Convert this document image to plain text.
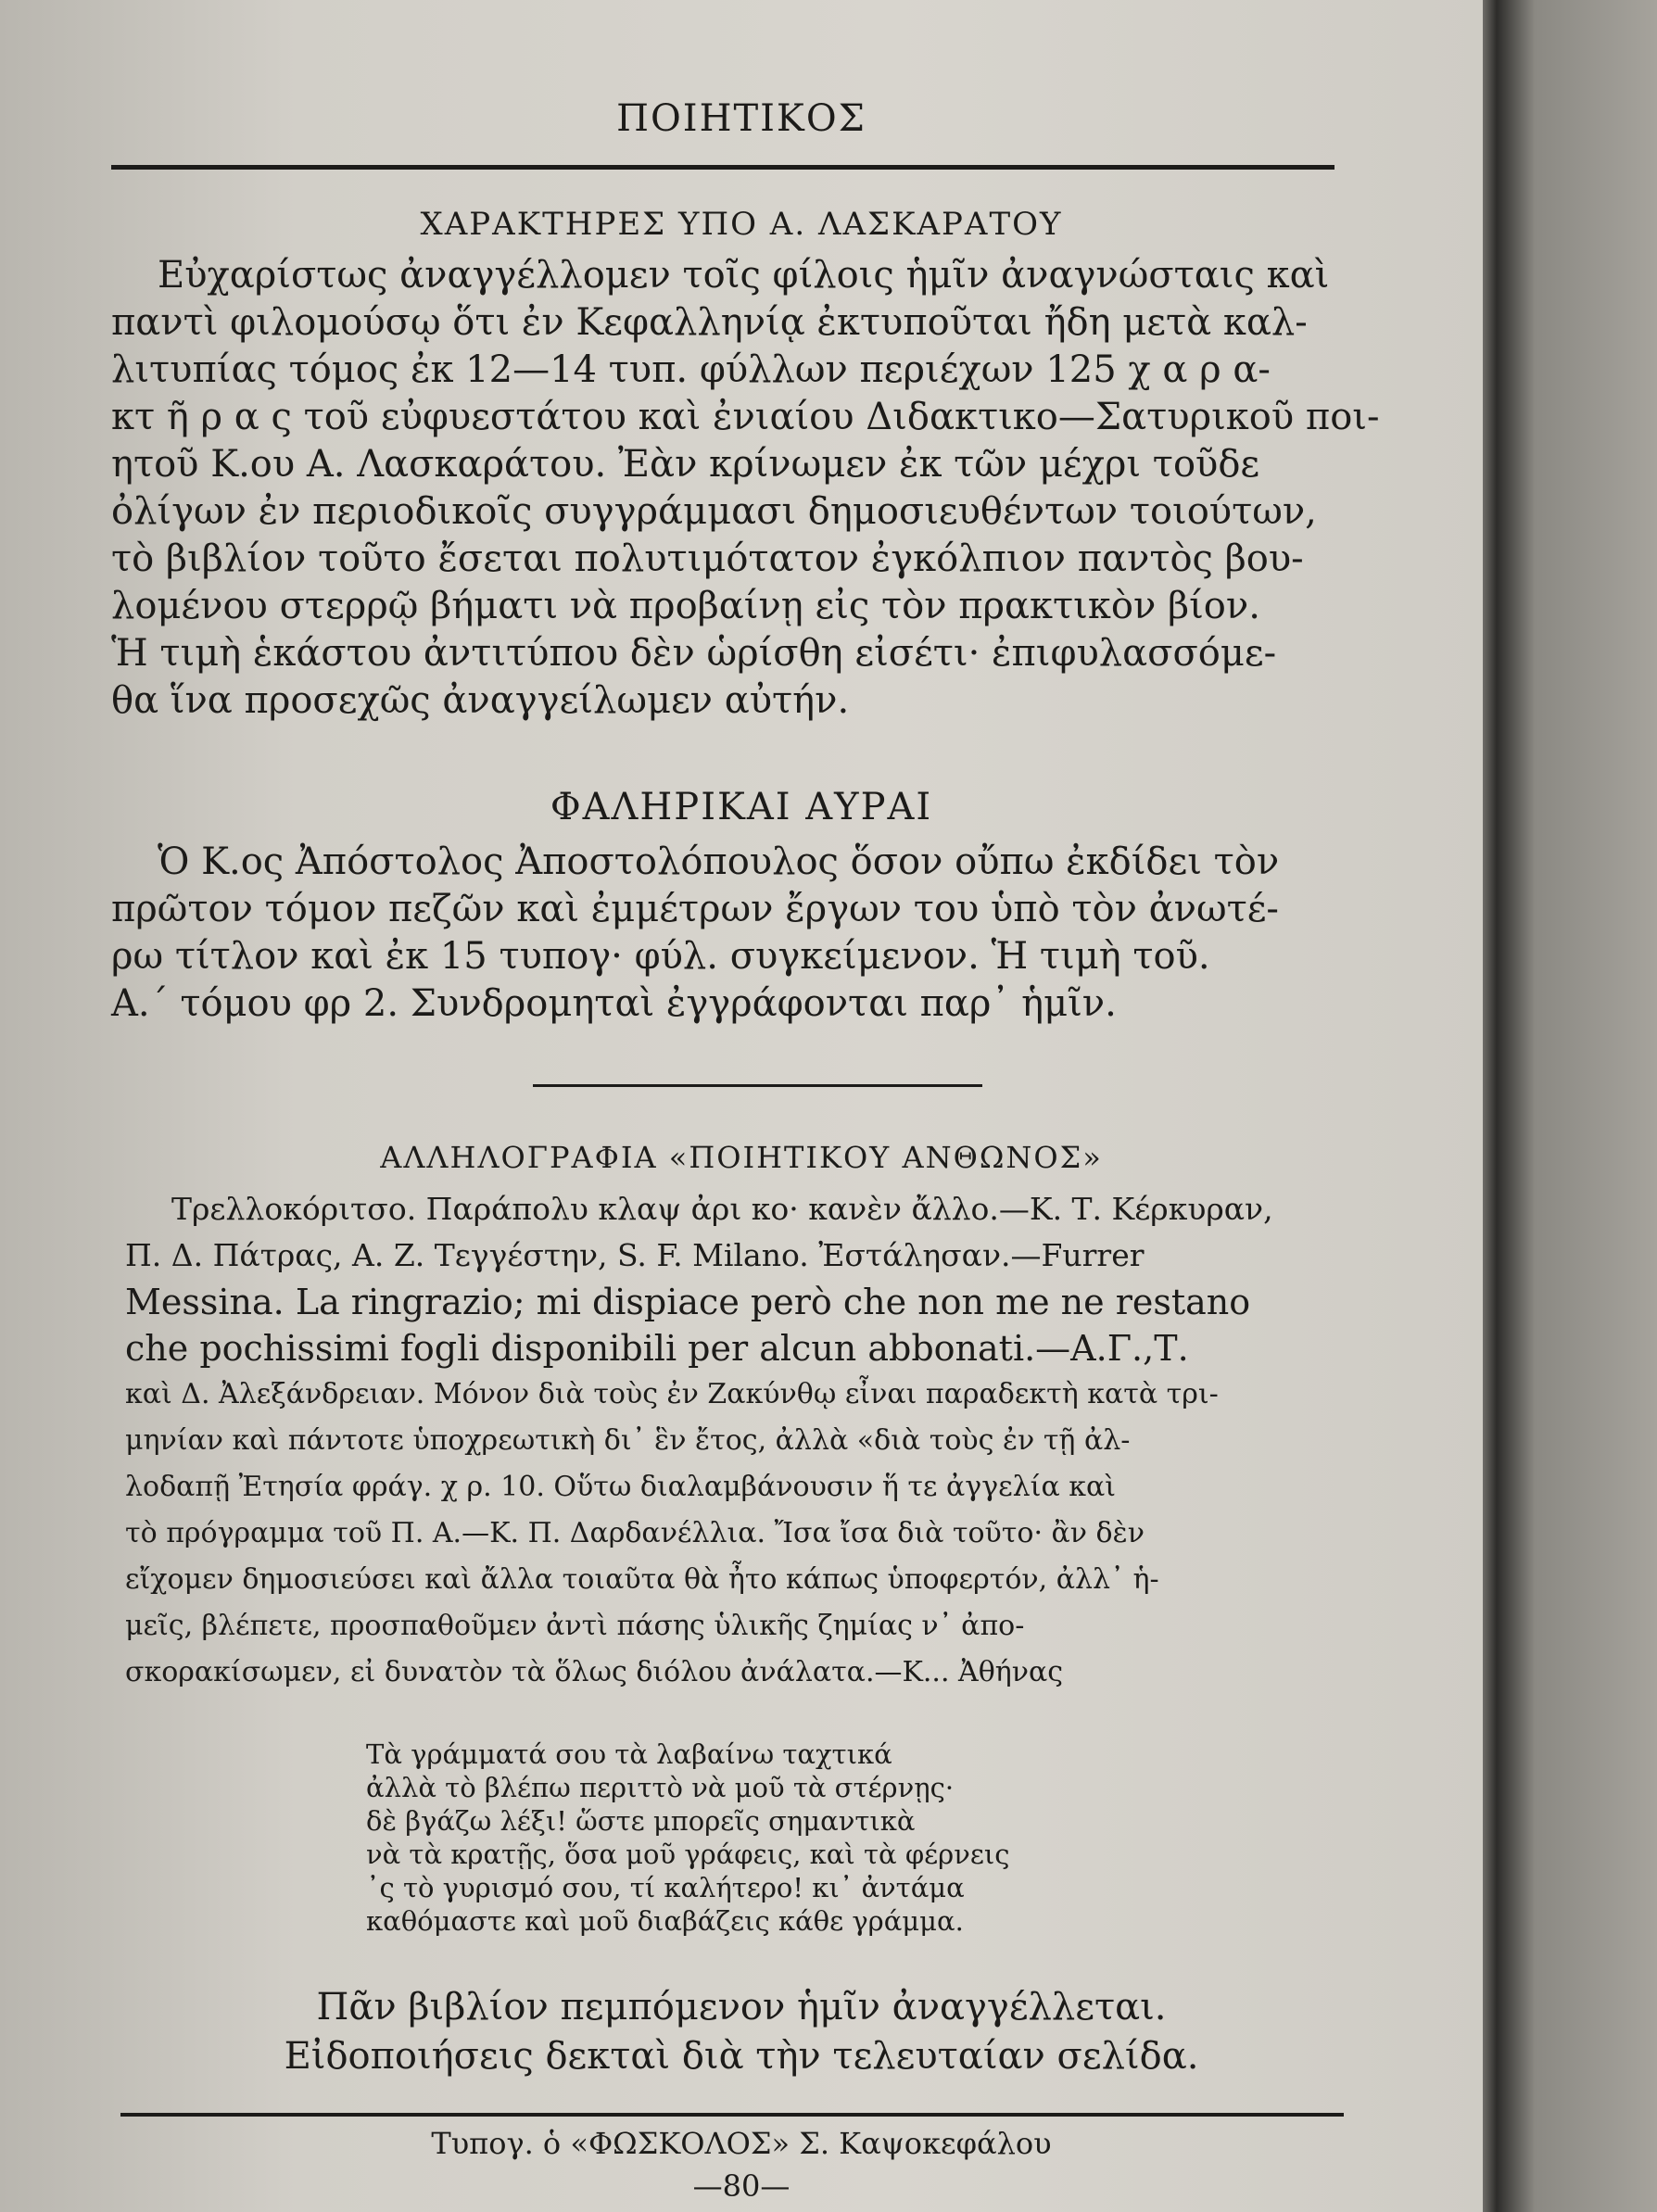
ΠΟΙΗΤΙΚΟΣ
ΧΑΡΑΚΤΗΡΕΣ ΥΠΟ Α. ΛΑΣΚΑΡΑΤΟΥ
Εὐχαρίστως ἀναγγέλλομεν τοῖς φίλοις ἡμῖν ἀναγνώσταις καὶ
παντὶ φιλομούσῳ ὅτι ἐν Κεφαλληνίᾳ ἐκτυποῦται ἤδη μετὰ καλ-
λιτυπίας τόμος ἐκ 12—14 τυπ. φύλλων περιέχων 125 χ α ρ α-
κτ ῆ ρ α ς τοῦ εὐφυεστάτου καὶ ἐνιαίου Διδακτικο—Σατυρικοῦ ποι-
ητοῦ Κ.ου Α. Λασκαράτου. Ἐὰν κρίνωμεν ἐκ τῶν μέχρι τοῦδε
ὀλίγων ἐν περιοδικοῖς συγγράμμασι δημοσιευθέντων τοιούτων,
τὸ βιβλίον τοῦτο ἔσεται πολυτιμότατον ἐγκόλπιον παντὸς βου-
λομένου στερρῷ βήματι νὰ προβαίνῃ εἰς τὸν πρακτικὸν βίον.
Ἡ τιμὴ ἑκάστου ἀντιτύπου δὲν ὡρίσθη εἰσέτι· ἐπιφυλασσόμε-
θα ἵνα προσεχῶς ἀναγγείλωμεν αὐτήν.
ΦΑΛΗΡΙΚΑΙ ΑΥΡΑΙ
Ὁ Κ.ος Ἀπόστολος Ἀποστολόπουλος ὅσον οὔπω ἐκδίδει τὸν
πρῶτον τόμον πεζῶν καὶ ἐμμέτρων ἔργων του ὑπὸ τὸν ἀνωτέ-
ρω τίτλον καὶ ἐκ 15 τυπογ· φύλ. συγκείμενον. Ἡ τιμὴ τοῦ.
Α.´ τόμου φρ 2. Συνδρομηταὶ ἐγγράφονται παρ᾽ ἡμῖν.
ΑΛΛΗΛΟΓΡΑΦΙΑ «ΠΟΙΗΤΙΚΟΥ ΑΝΘΩΝΟΣ»
Τρελλοκόριτσο. Παράπολυ κλαψ ἀρι κο· κανὲν ἄλλο.—Κ. Τ. Κέρκυραν,
Π. Δ. Πάτρας, Α. Ζ. Τεγγέστην, S. F. Milano. Ἐστάλησαν.—Furrer
Messina. La ringrazio; mi dispiace però che non me ne restano
che pochissimi fogli disponibili per alcun abbonati.—Α.Γ.,Τ.
καὶ Δ. Ἀλεξάνδρειαν. Μόνον διὰ τοὺς ἐν Ζακύνθῳ εἶναι παραδεκτὴ κατὰ τρι-
μηνίαν καὶ πάντοτε ὑποχρεωτικὴ δι᾽ ἓν ἔτος, ἀλλὰ «διὰ τοὺς ἐν τῇ ἀλ-
λοδαπῇ Ἐτησία φράγ. χ ρ. 10. Οὕτω διαλαμβάνουσιν ἥ τε ἀγγελία καὶ
τὸ πρόγραμμα τοῦ Π. Α.—Κ. Π. Δαρδανέλλια. Ἴσα ἴσα διὰ τοῦτο· ἂν δὲν
εἴχομεν δημοσιεύσει καὶ ἄλλα τοιαῦτα θὰ ἦτο κάπως ὑποφερτόν, ἀλλ᾽ ἡ-
μεῖς, βλέπετε, προσπαθοῦμεν ἀντὶ πάσης ὑλικῆς ζημίας ν᾽ ἀπο-
σκορακίσωμεν, εἰ δυνατὸν τὰ ὅλως διόλου ἀνάλατα.—Κ... Ἀθήνας
Τὰ γράμματά σου τὰ λαβαίνω ταχτικά
ἀλλὰ τὸ βλέπω περιττὸ νὰ μοῦ τὰ στέρνῃς·
δὲ βγάζω λέξι! ὥστε μπορεῖς σημαντικὰ
νὰ τὰ κρατῇς, ὅσα μοῦ γράφεις, καὶ τὰ φέρνεις
᾽ς τὸ γυρισμό σου, τί καλήτερο! κι᾽ ἀντάμα
καθόμαστε καὶ μοῦ διαβάζεις κάθε γράμμα.
Πᾶν βιβλίον πεμπόμενον ἡμῖν ἀναγγέλλεται.
Εἰδοποιήσεις δεκταὶ διὰ τὴν τελευταίαν σελίδα.
Τυπογ. ὁ «ΦΩΣΚΟΛΟΣ» Σ. Καψοκεφάλου
—80—
